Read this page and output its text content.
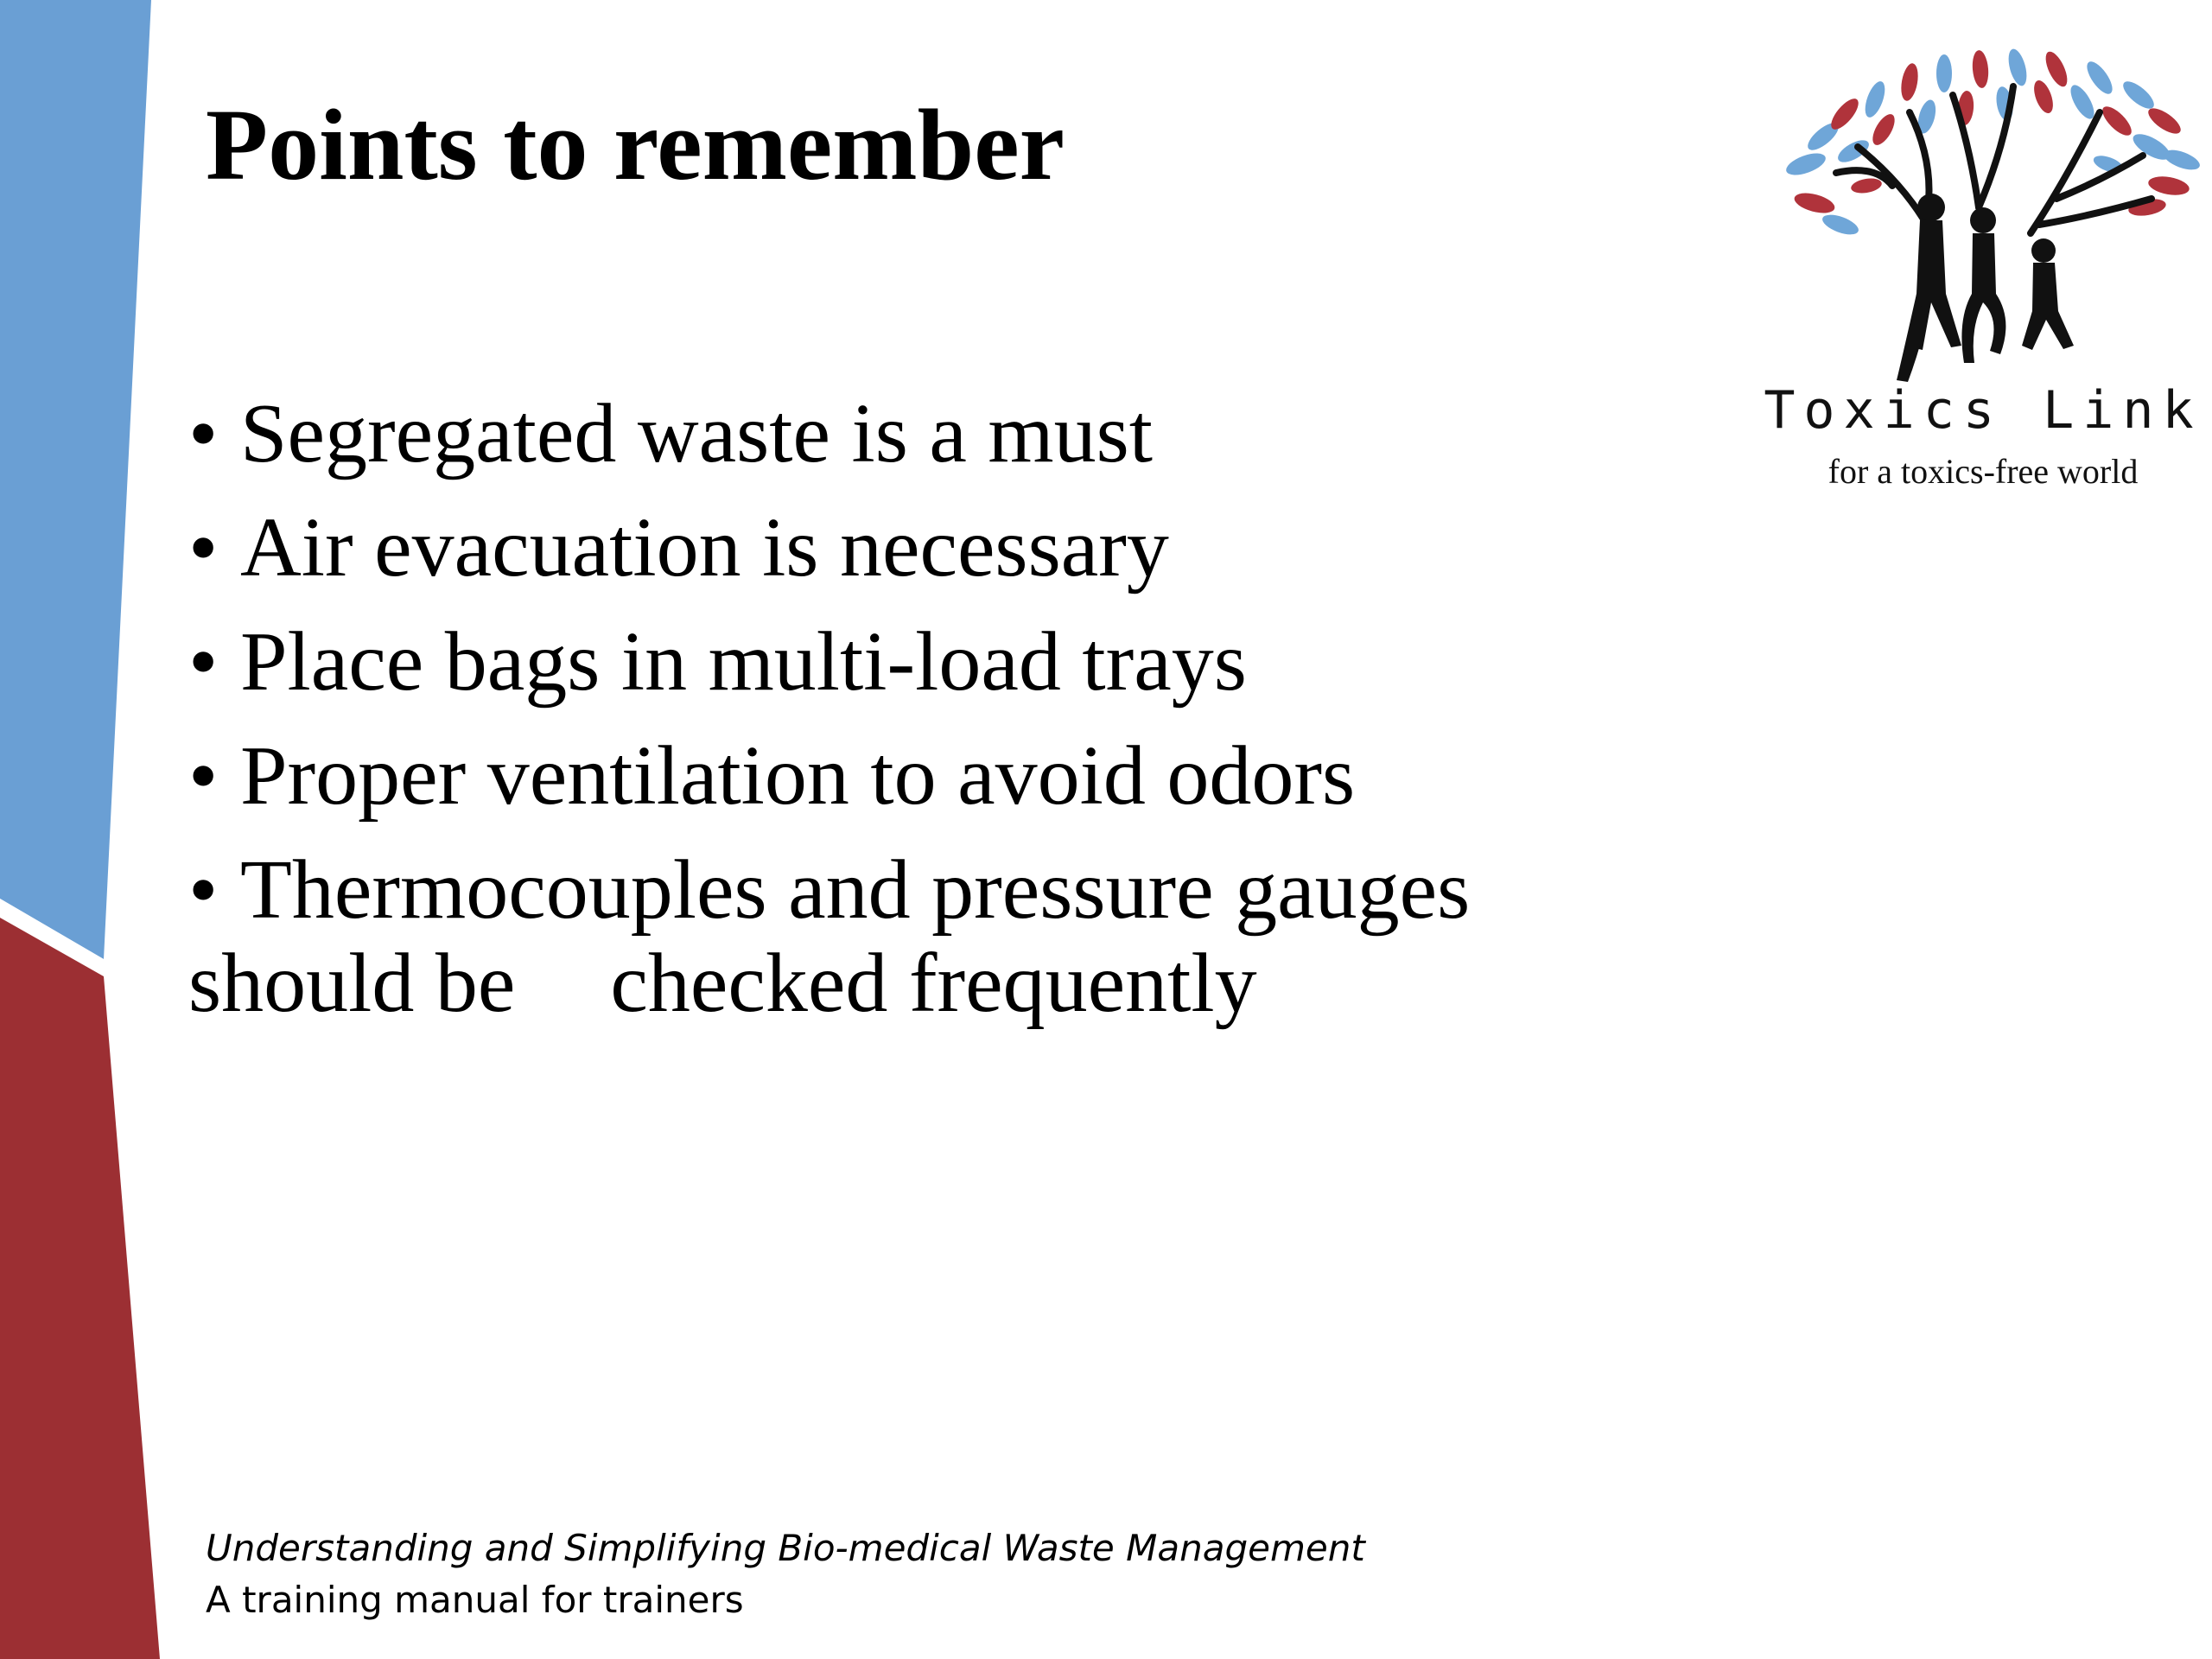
Points to remember
• Segregated waste is a must
• Air evacuation is necessary
• Place bags in multi-load trays
• Proper ventilation to avoid odors
• Thermocouples and pressure gauges
should be checked frequently
Toxics Link
for a toxics-free world
Understanding and Simplifying Bio-medical Waste Management
A training manual for trainers
